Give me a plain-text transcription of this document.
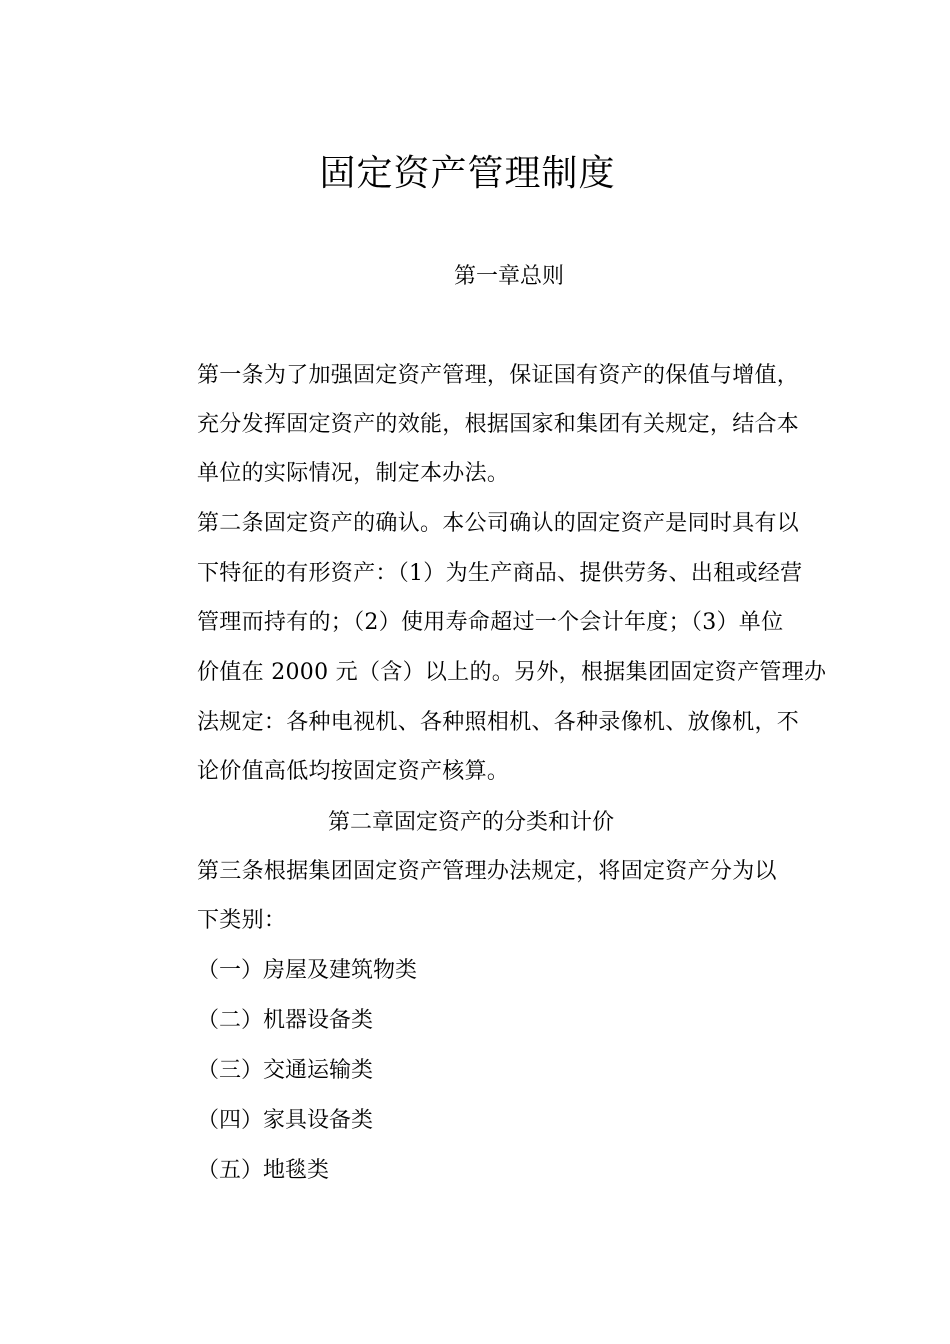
固定资产管理制度
第一章总则
第一条为了加强固定资产管理，保证国有资产的保值与增值，
充分发挥固定资产的效能，根据国家和集团有关规定，结合本
单位的实际情况，制定本办法。
第二条固定资产的确认。本公司确认的固定资产是同时具有以
下特征的有形资产：（1）为生产商品、提供劳务、出租或经营
管理而持有的；（2）使用寿命超过一个会计年度；（3）单位
价值在 2000 元（含）以上的。另外，根据集团固定资产管理办
法规定：各种电视机、各种照相机、各种录像机、放像机，不
论价值高低均按固定资产核算。
第二章固定资产的分类和计价
第三条根据集团固定资产管理办法规定，将固定资产分为以
下类别：
（一）房屋及建筑物类
（二）机器设备类
（三）交通运输类
（四）家具设备类
（五）地毯类
